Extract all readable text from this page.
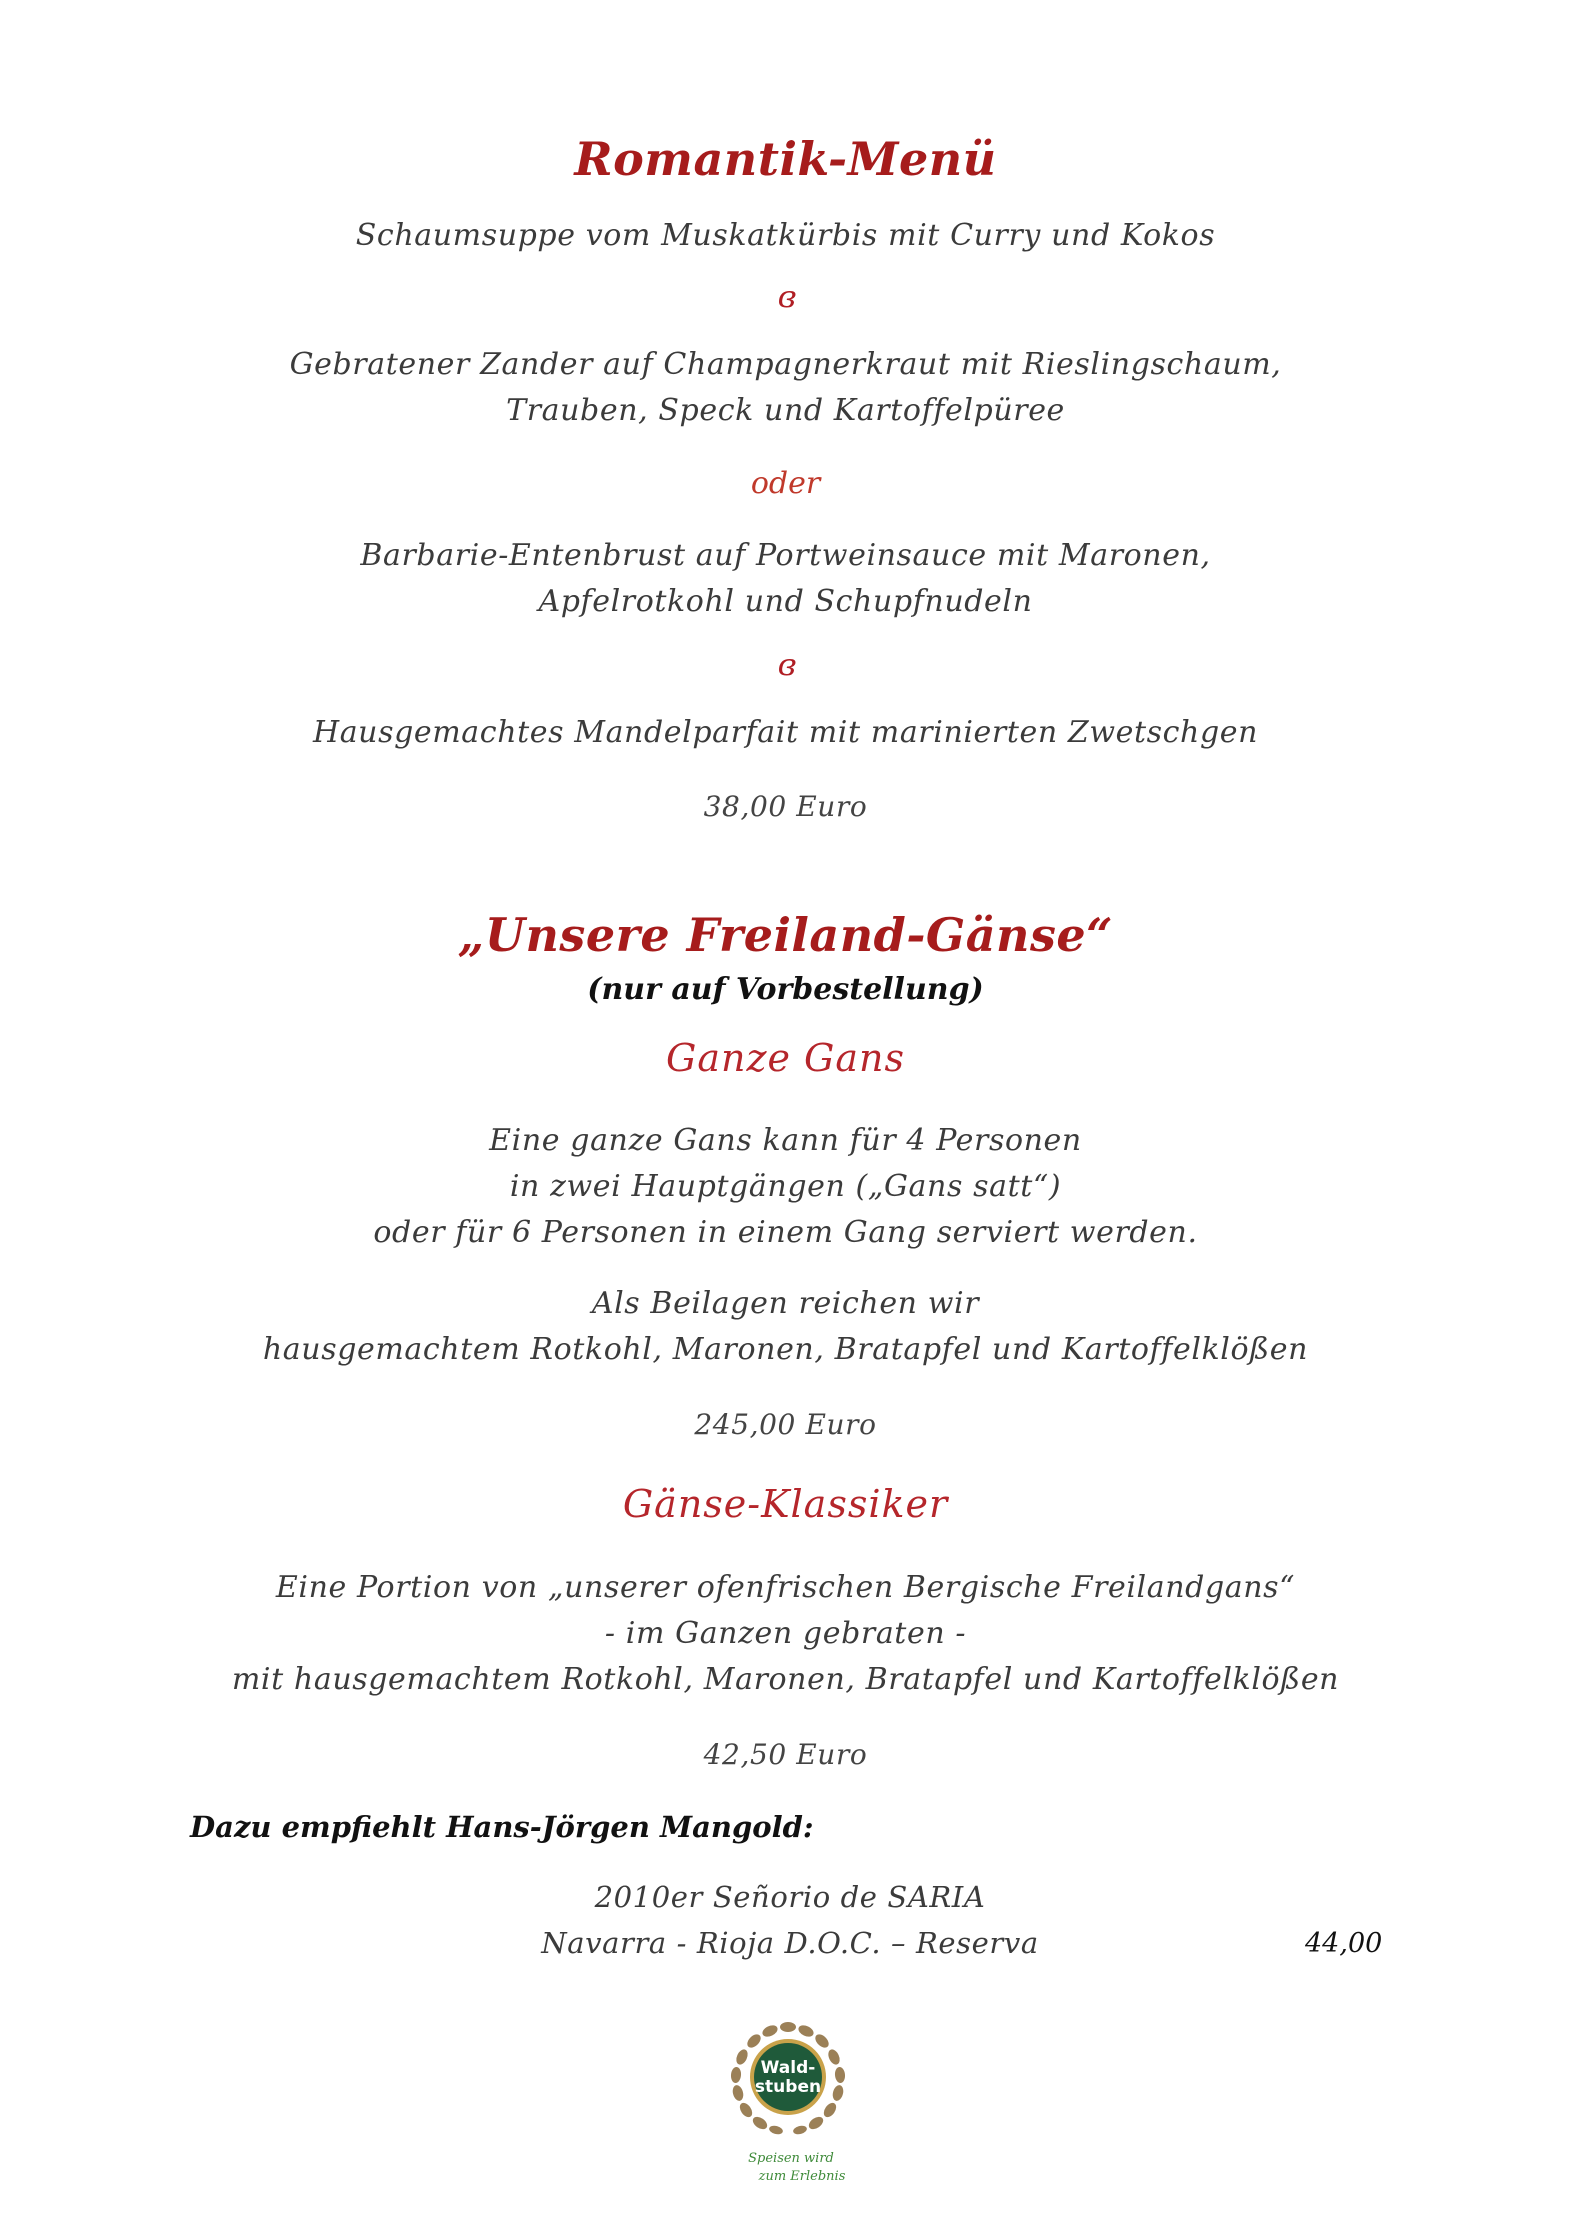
Romantik-Menü
Schaumsuppe vom Muskatkürbis mit Curry und Kokos
ɞ
Gebratener Zander auf Champagnerkraut mit Rieslingschaum,
Trauben, Speck und Kartoffelpüree
oder
Barbarie-Entenbrust auf Portweinsauce mit Maronen,
Apfelrotkohl und Schupfnudeln
ɞ
Hausgemachtes Mandelparfait mit marinierten Zwetschgen
38,00 Euro
„Unsere Freiland-Gänse“
(nur auf Vorbestellung)
Ganze Gans
Eine ganze Gans kann für 4 Personen
in zwei Hauptgängen („Gans satt“)
oder für 6 Personen in einem Gang serviert werden.
Als Beilagen reichen wir
hausgemachtem Rotkohl, Maronen, Bratapfel und Kartoffelklößen
245,00 Euro
Gänse-Klassiker
Eine Portion von „unserer ofenfrischen Bergische Freilandgans“
- im Ganzen gebraten -
mit hausgemachtem Rotkohl, Maronen, Bratapfel und Kartoffelklößen
42,50 Euro
Dazu empfiehlt Hans-Jörgen Mangold:
2010er Señorio de SARIA
Navarra - Rioja D.O.C. – Reserva	44,00
Wald-
stuben
Speisen wird
zum Erlebnis
